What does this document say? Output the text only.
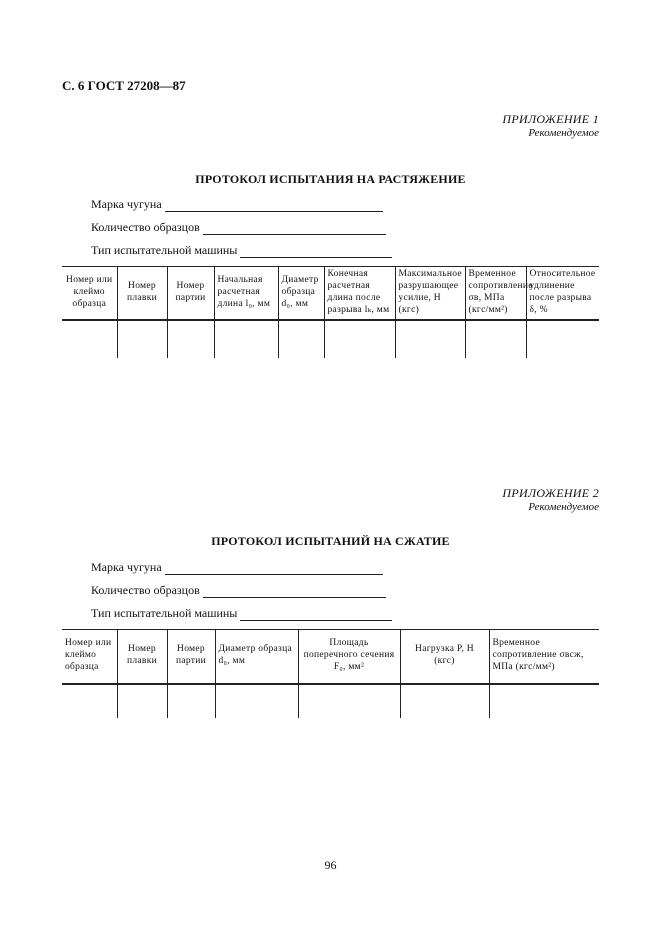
С. 6 ГОСТ 27208—87
ПРИЛОЖЕНИЕ 1
Рекомендуемое
ПРОТОКОЛ ИСПЫТАНИЯ НА РАСТЯЖЕНИЕ
Марка чугуна
Количество образцов
Тип испытательной машины
Номер или клеймо образца	Номер плавки	Номер партии	Начальная расчетная длина l₀, мм	Диаметр образца d₀, мм	Конечная расчетная длина после разрыва lₖ, мм	Максимальное разрушающее усилие, Н (кгс)	Временное сопротивление σв, МПа (кгс/мм²)	Относительное удлинение после разрыва δ, %

ПРИЛОЖЕНИЕ 2
Рекомендуемое
ПРОТОКОЛ ИСПЫТАНИЙ НА СЖАТИЕ
Марка чугуна
Количество образцов
Тип испытательной машины
Номер или клеймо образца	Номер плавки	Номер партии	Диаметр образца d₀, мм	Площадь поперечного сечения F₀, мм²	Нагрузка P, Н (кгс)	Временное сопротивление σвсж, МПа (кгс/мм²)

96
